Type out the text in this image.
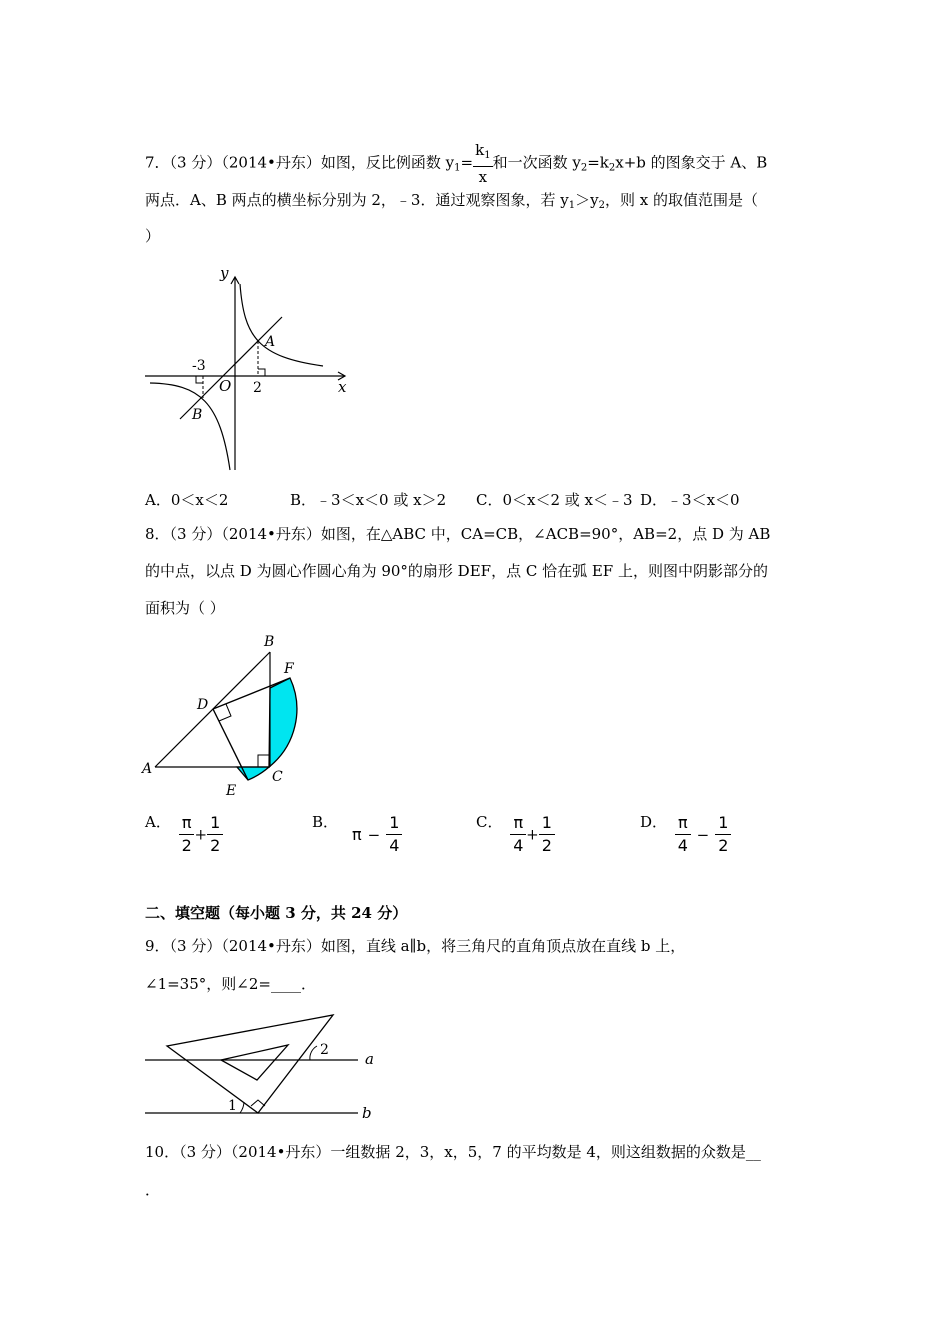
7．（3 分）（2014•丹东）如图，反比例函数 $y_1= \frac{k_1}{x}$ 和一次函数 $y_2=k_2x+b$ 的图象交于 A、B
两点．A、B 两点的横坐标分别为 2，﹣3．通过观察图象，若 $y_1>y_2$，则 x 的取值范围是（
）
y
x
O
A
B
-3
2
A．0＜x＜2	B．﹣3＜x＜0 或 x＞2 C．0＜x＜2 或 x＜﹣3 D．﹣3＜x＜0
8．（3 分）（2014•丹东）如图，在△ABC 中，CA=CB，∠ACB=90°，AB=2，点 D 为 AB
的中点，以点 D 为圆心作圆心角为 90°的扇形 DEF，点 C 恰在弧 EF 上，则图中阴影部分的
面积为（ ）
A
B
C
D
E
F
A． $\frac{\pi}{2} + \frac{1}{2}$	B．$\pi - \frac{1}{4}$	C． $\frac{\pi}{4} + \frac{1}{2}$	D． $\frac{\pi}{4} - \frac{1}{2}$
二、填空题（每小题 3 分，共 24 分）
9．（3 分）（2014•丹东）如图，直线 a∥b，将三角尺的直角顶点放在直线 b 上，
∠1=35°，则∠2=____．
1
2 a
b
10．（3 分）（2014•丹东）一组数据 2，3，x，5，7 的平均数是 4，则这组数据的众数是__
．
